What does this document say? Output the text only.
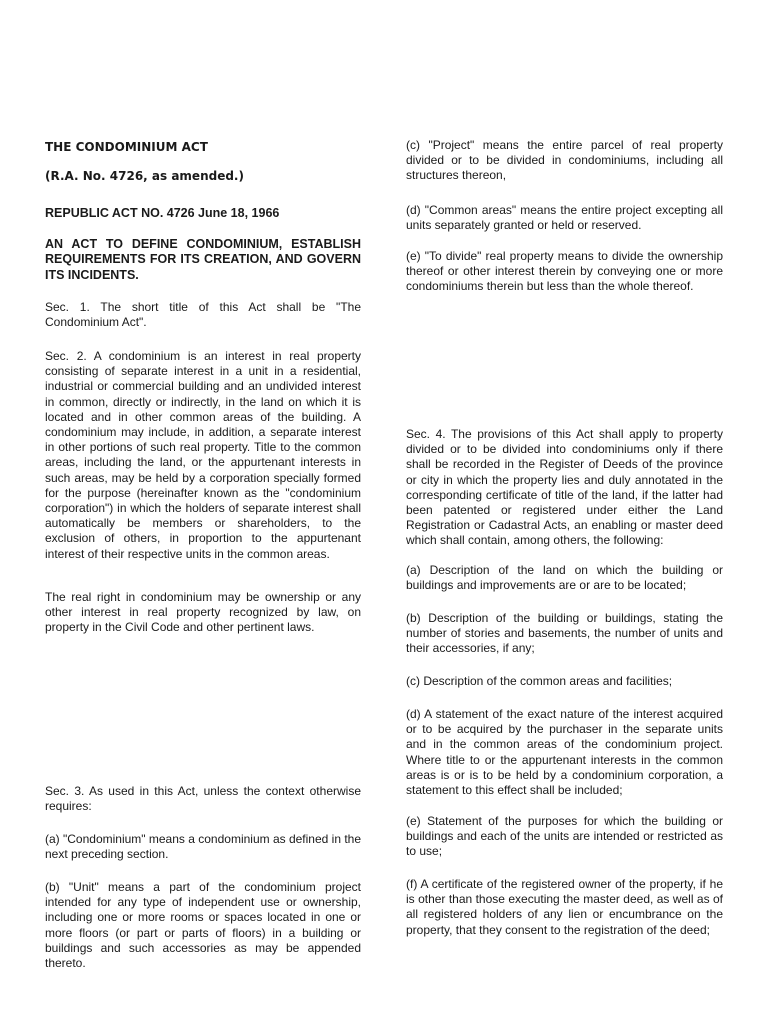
THE CONDOMINIUM ACT

(R.A. No. 4726, as amended.)

REPUBLIC ACT NO. 4726 June 18, 1966

AN ACT TO DEFINE CONDOMINIUM, ESTABLISH REQUIREMENTS FOR ITS CREATION, AND GOVERN ITS INCIDENTS.

Sec. 1. The short title of this Act shall be "The Condominium Act".

Sec. 2. A condominium is an interest in real property consisting of separate interest in a unit in a residential, industrial or commercial building and an undivided interest in common, directly or indirectly, in the land on which it is located and in other common areas of the building. A condominium may include, in addition, a separate interest in other portions of such real property. Title to the common areas, including the land, or the appurtenant interests in such areas, may be held by a corporation specially formed for the purpose (hereinafter known as the "condominium corporation") in which the holders of separate interest shall automatically be members or shareholders, to the exclusion of others, in proportion to the appurtenant interest of their respective units in the common areas.

The real right in condominium may be ownership or any other interest in real property recognized by law, on property in the Civil Code and other pertinent laws.

Sec. 3. As used in this Act, unless the context otherwise requires:

(a) "Condominium" means a condominium as defined in the next preceding section.

(b) "Unit" means a part of the condominium project intended for any type of independent use or ownership, including one or more rooms or spaces located in one or more floors (or part or parts of floors) in a building or buildings and such accessories as may be appended thereto.

(c) "Project" means the entire parcel of real property divided or to be divided in condominiums, including all structures thereon,

(d) "Common areas" means the entire project excepting all units separately granted or held or reserved.

(e) "To divide" real property means to divide the ownership thereof or other interest therein by conveying one or more condominiums therein but less than the whole thereof.

Sec. 4. The provisions of this Act shall apply to property divided or to be divided into condominiums only if there shall be recorded in the Register of Deeds of the province or city in which the property lies and duly annotated in the corresponding certificate of title of the land, if the latter had been patented or registered under either the Land Registration or Cadastral Acts, an enabling or master deed which shall contain, among others, the following:

(a) Description of the land on which the building or buildings and improvements are or are to be located;

(b) Description of the building or buildings, stating the number of stories and basements, the number of units and their accessories, if any;

(c) Description of the common areas and facilities;

(d) A statement of the exact nature of the interest acquired or to be acquired by the purchaser in the separate units and in the common areas of the condominium project. Where title to or the appurtenant interests in the common areas is or is to be held by a condominium corporation, a statement to this effect shall be included;

(e) Statement of the purposes for which the building or buildings and each of the units are intended or restricted as to use;

(f) A certificate of the registered owner of the property, if he is other than those executing the master deed, as well as of all registered holders of any lien or encumbrance on the property, that they consent to the registration of the deed;
